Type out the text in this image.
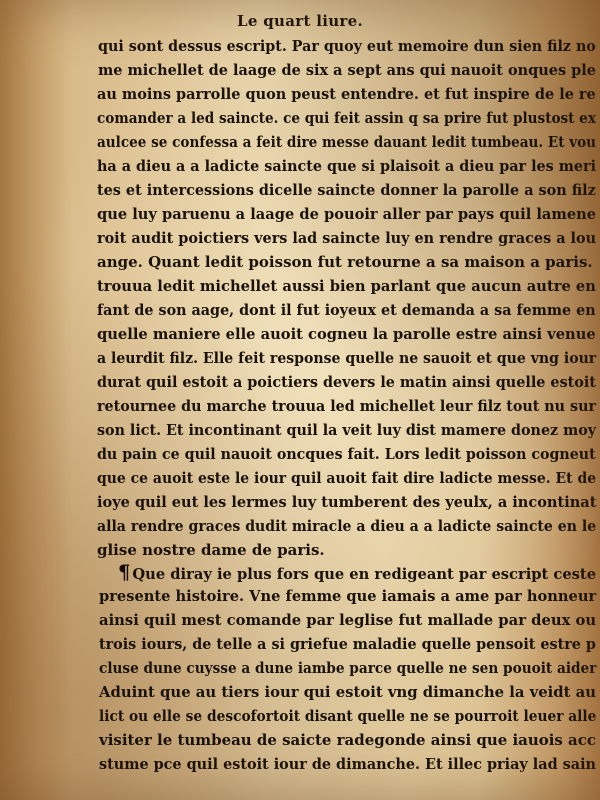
Le quart liure.
qui sont dessus escript. Par quoy eut memoire dun sien filz no
me michellet de laage de six a sept ans qui nauoit onques ple
au moins parrolle quon peust entendre. et fut inspire de le re
comander a led saincte. ce qui feit assin q sa prire fut plustost ex
aulcee se confessa a feit dire messe dauant ledit tumbeau. Et vou
ha a dieu a a ladicte saincte que si plaisoit a dieu par les meri
tes et intercessions dicelle saincte donner la parolle a son filz
que luy paruenu a laage de pouoir aller par pays quil lamene
roit audit poictiers vers lad saincte luy en rendre graces a lou
ange. Quant ledit poisson fut retourne a sa maison a paris.
trouua ledit michellet aussi bien parlant que aucun autre en
fant de son aage, dont il fut ioyeux et demanda a sa femme en
quelle maniere elle auoit cogneu la parolle estre ainsi venue
a leurdit filz. Elle feit response quelle ne sauoit et que vng iour
durat quil estoit a poictiers devers le matin ainsi quelle estoit
retournee du marche trouua led michellet leur filz tout nu sur
son lict. Et incontinant quil la veit luy dist mamere donez moy
du pain ce quil nauoit oncques fait. Lors ledit poisson cogneut
que ce auoit este le iour quil auoit fait dire ladicte messe. Et de
ioye quil eut les lermes luy tumberent des yeulx, a incontinat
alla rendre graces dudit miracle a dieu a a ladicte saincte en le
glise nostre dame de paris.
¶ Que diray ie plus fors que en redigeant par escript ceste
presente histoire. Vne femme que iamais a ame par honneur
ainsi quil mest comande par leglise fut mallade par deux ou
trois iours, de telle a si griefue maladie quelle pensoit estre p
cluse dune cuysse a dune iambe parce quelle ne sen pouoit aider
Aduint que au tiers iour qui estoit vng dimanche la veidt au
lict ou elle se descofortoit disant quelle ne se pourroit leuer alle
visiter le tumbeau de saicte radegonde ainsi que iauois acc
stume pce quil estoit iour de dimanche. Et illec priay lad sain
